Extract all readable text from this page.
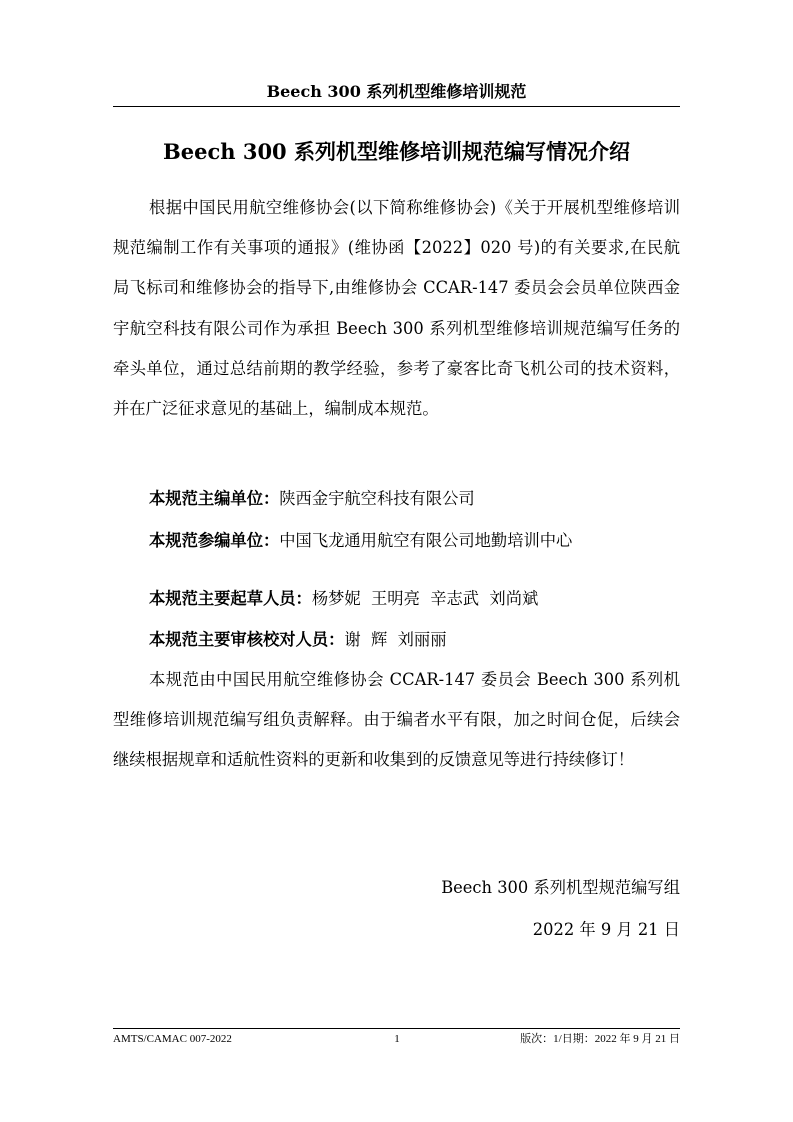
Beech 300 系列机型维修培训规范
Beech 300 系列机型维修培训规范编写情况介绍

根据中国民用航空维修协会(以下简称维修协会)《关于开展机型维修培训规范编制工作有关事项的通报》(维协函【2022】020 号)的有关要求,在民航局飞标司和维修协会的指导下,由维修协会 CCAR-147 委员会会员单位陕西金宇航空科技有限公司作为承担 Beech 300 系列机型维修培训规范编写任务的牵头单位，通过总结前期的教学经验，参考了豪客比奇飞机公司的技术资料，并在广泛征求意见的基础上，编制成本规范。

本规范主编单位：陕西金宇航空科技有限公司
本规范参编单位：中国飞龙通用航空有限公司地勤培训中心
本规范主要起草人员：杨梦妮  王明亮  辛志武  刘尚斌
本规范主要审核校对人员：谢  辉  刘丽丽

本规范由中国民用航空维修协会 CCAR-147 委员会 Beech 300 系列机型维修培训规范编写组负责解释。由于编者水平有限，加之时间仓促，后续会继续根据规章和适航性资料的更新和收集到的反馈意见等进行持续修订！

Beech 300 系列机型规范编写组
2022 年 9 月 21 日
AMTS/CAMAC 007-2022	1	版次：1/日期：2022 年 9 月 21 日
